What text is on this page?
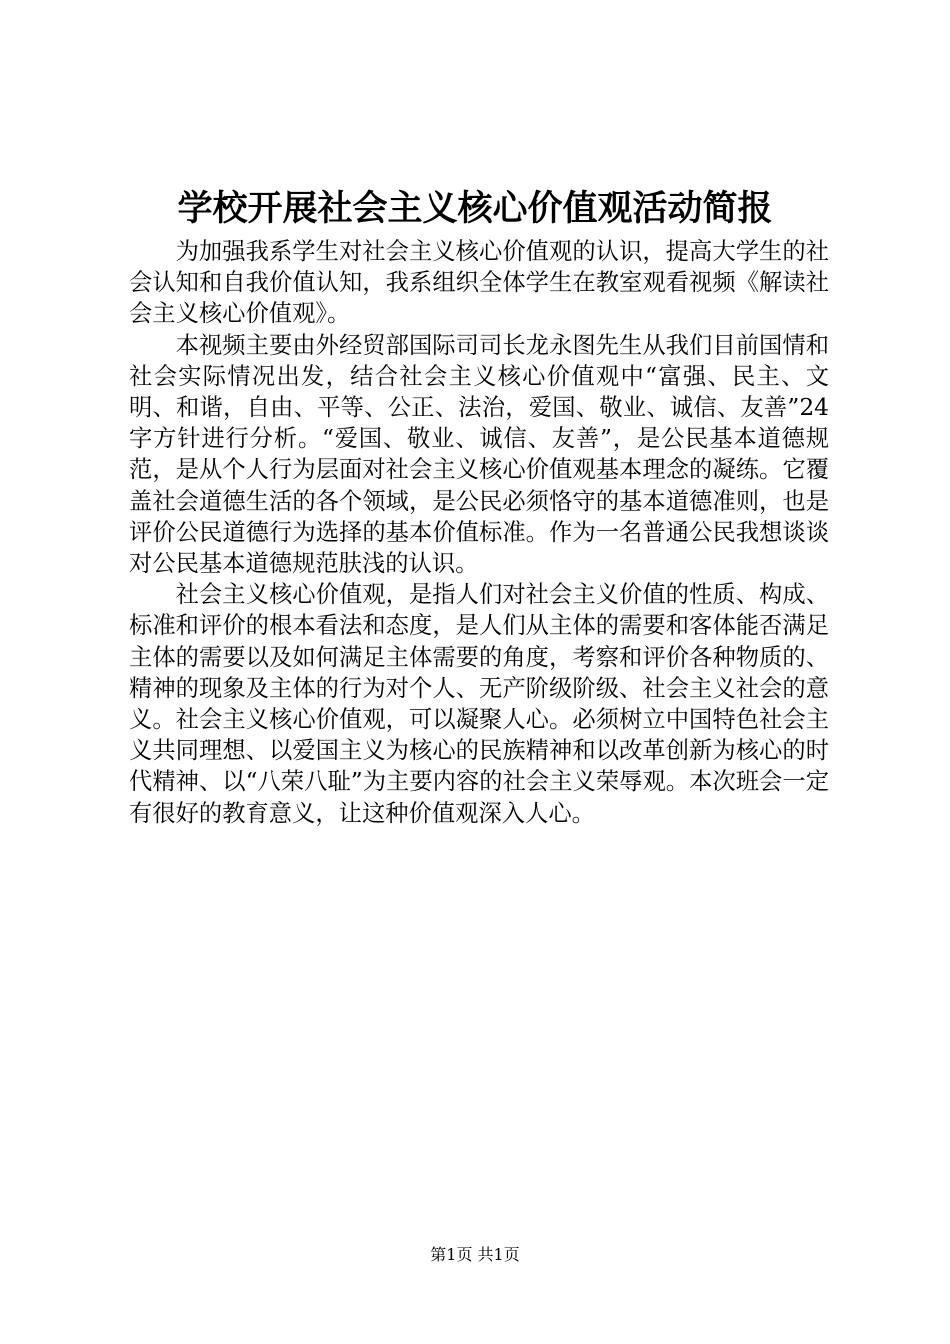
学校开展社会主义核心价值观活动简报

为加强我系学生对社会主义核心价值观的认识，提高大学生的社会认知和自我价值认知，我系组织全体学生在教室观看视频《解读社会主义核心价值观》。

本视频主要由外经贸部国际司司长龙永图先生从我们目前国情和社会实际情况出发，结合社会主义核心价值观中“富强、民主、文明、和谐，自由、平等、公正、法治，爱国、敬业、诚信、友善”24字方针进行分析。“爱国、敬业、诚信、友善”，是公民基本道德规范，是从个人行为层面对社会主义核心价值观基本理念的凝练。它覆盖社会道德生活的各个领域，是公民必须恪守的基本道德准则，也是评价公民道德行为选择的基本价值标准。作为一名普通公民我想谈谈对公民基本道德规范肤浅的认识。

社会主义核心价值观，是指人们对社会主义价值的性质、构成、标准和评价的根本看法和态度，是人们从主体的需要和客体能否满足主体的需要以及如何满足主体需要的角度，考察和评价各种物质的、精神的现象及主体的行为对个人、无产阶级阶级、社会主义社会的意义。社会主义核心价值观，可以凝聚人心。必须树立中国特色社会主义共同理想、以爱国主义为核心的民族精神和以改革创新为核心的时代精神、以“八荣八耻”为主要内容的社会主义荣辱观。本次班会一定有很好的教育意义，让这种价值观深入人心。

第1页 共1页
